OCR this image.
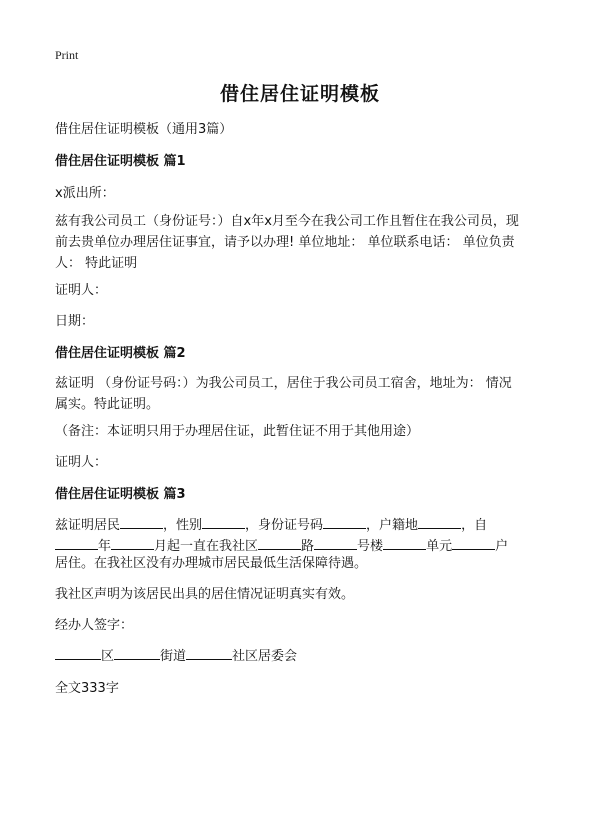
Print
借住居住证明模板
借住居住证明模板（通用3篇）
借住居住证明模板 篇1
x派出所：
兹有我公司员工（身份证号：）自x年x月至今在我公司工作且暂住在我公司员，现
前去贵单位办理居住证事宜，请予以办理! 单位地址： 单位联系电话： 单位负责
人： 特此证明
证明人：
日期：
借住居住证明模板 篇2
兹证明 （身份证号码：）为我公司员工，居住于我公司员工宿舍，地址为： 情况
属实。特此证明。
（备注：本证明只用于办理居住证，此暂住证不用于其他用途）
证明人：
借住居住证明模板 篇3
兹证明居民	，性别	，身份证号码	，户籍地	，自
年	月起一直在我社区	路	号楼	单元	户
居住。在我社区没有办理城市居民最低生活保障待遇。
我社区声明为该居民出具的居住情况证明真实有效。
经办人签字：
区	街道	社区居委会
全文333字
